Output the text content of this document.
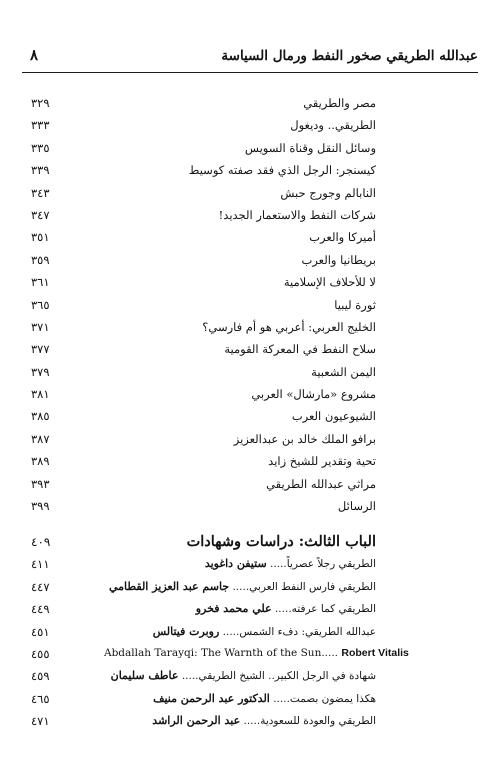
عبدالله الطريقي صخور النفط ورمال السياسة
٨
مصر والطريقي
٣٢٩
الطريقي.. وديغول
٣٣٣
وسائل النقل وقناة السويس
٣٣٥
كيسنجر: الرجل الذي فقد صفته كوسيط
٣٣٩
النابالم وجورج حبش
٣٤٣
شركات النفط والاستعمار الجديد!
٣٤٧
أميركا والعرب
٣٥١
بريطانيا والعرب
٣٥٩
لا للأحلاف الإسلامية
٣٦١
ثورة ليبيا
٣٦٥
الخليج العربي: أعربي هو أم فارسي؟
٣٧١
سلاح النفط في المعركة القومية
٣٧٧
اليمن الشعبية
٣٧٩
مشروع «مارشال» العربي
٣٨١
الشيوعيون العرب
٣٨٥
برافو الملك خالد بن عبدالعزيز
٣٨٧
تحية وتقدير للشيخ زايد
٣٨٩
مراثي عبدالله الطريقي
٣٩٣
الرسائل
٣٩٩
الباب الثالث: دراسات وشهادات
٤٠٩
الطريقي رجلاً عصرياً..... ستيفن داغويد
٤١١
الطريقي فارس النفط العربي..... جاسم عبد العزيز القطامي
٤٤٧
الطريقي كما عرفته..... علي محمد فخرو
٤٤٩
عبدالله الطريقي: دفء الشمس..... روبرت فيتالس
٤٥١
Abdallah Tarayqi: The Warnth of the Sun..... Robert Vitalis
٤٥٥
شهادة في الرجل الكبير.. الشيخ الطريقي..... عاطف سليمان
٤٥٩
هكذا يمضون بصمت..... الدكتور عبد الرحمن منيف
٤٦٥
الطريقي والعودة للسعودية..... عبد الرحمن الراشد
٤٧١
